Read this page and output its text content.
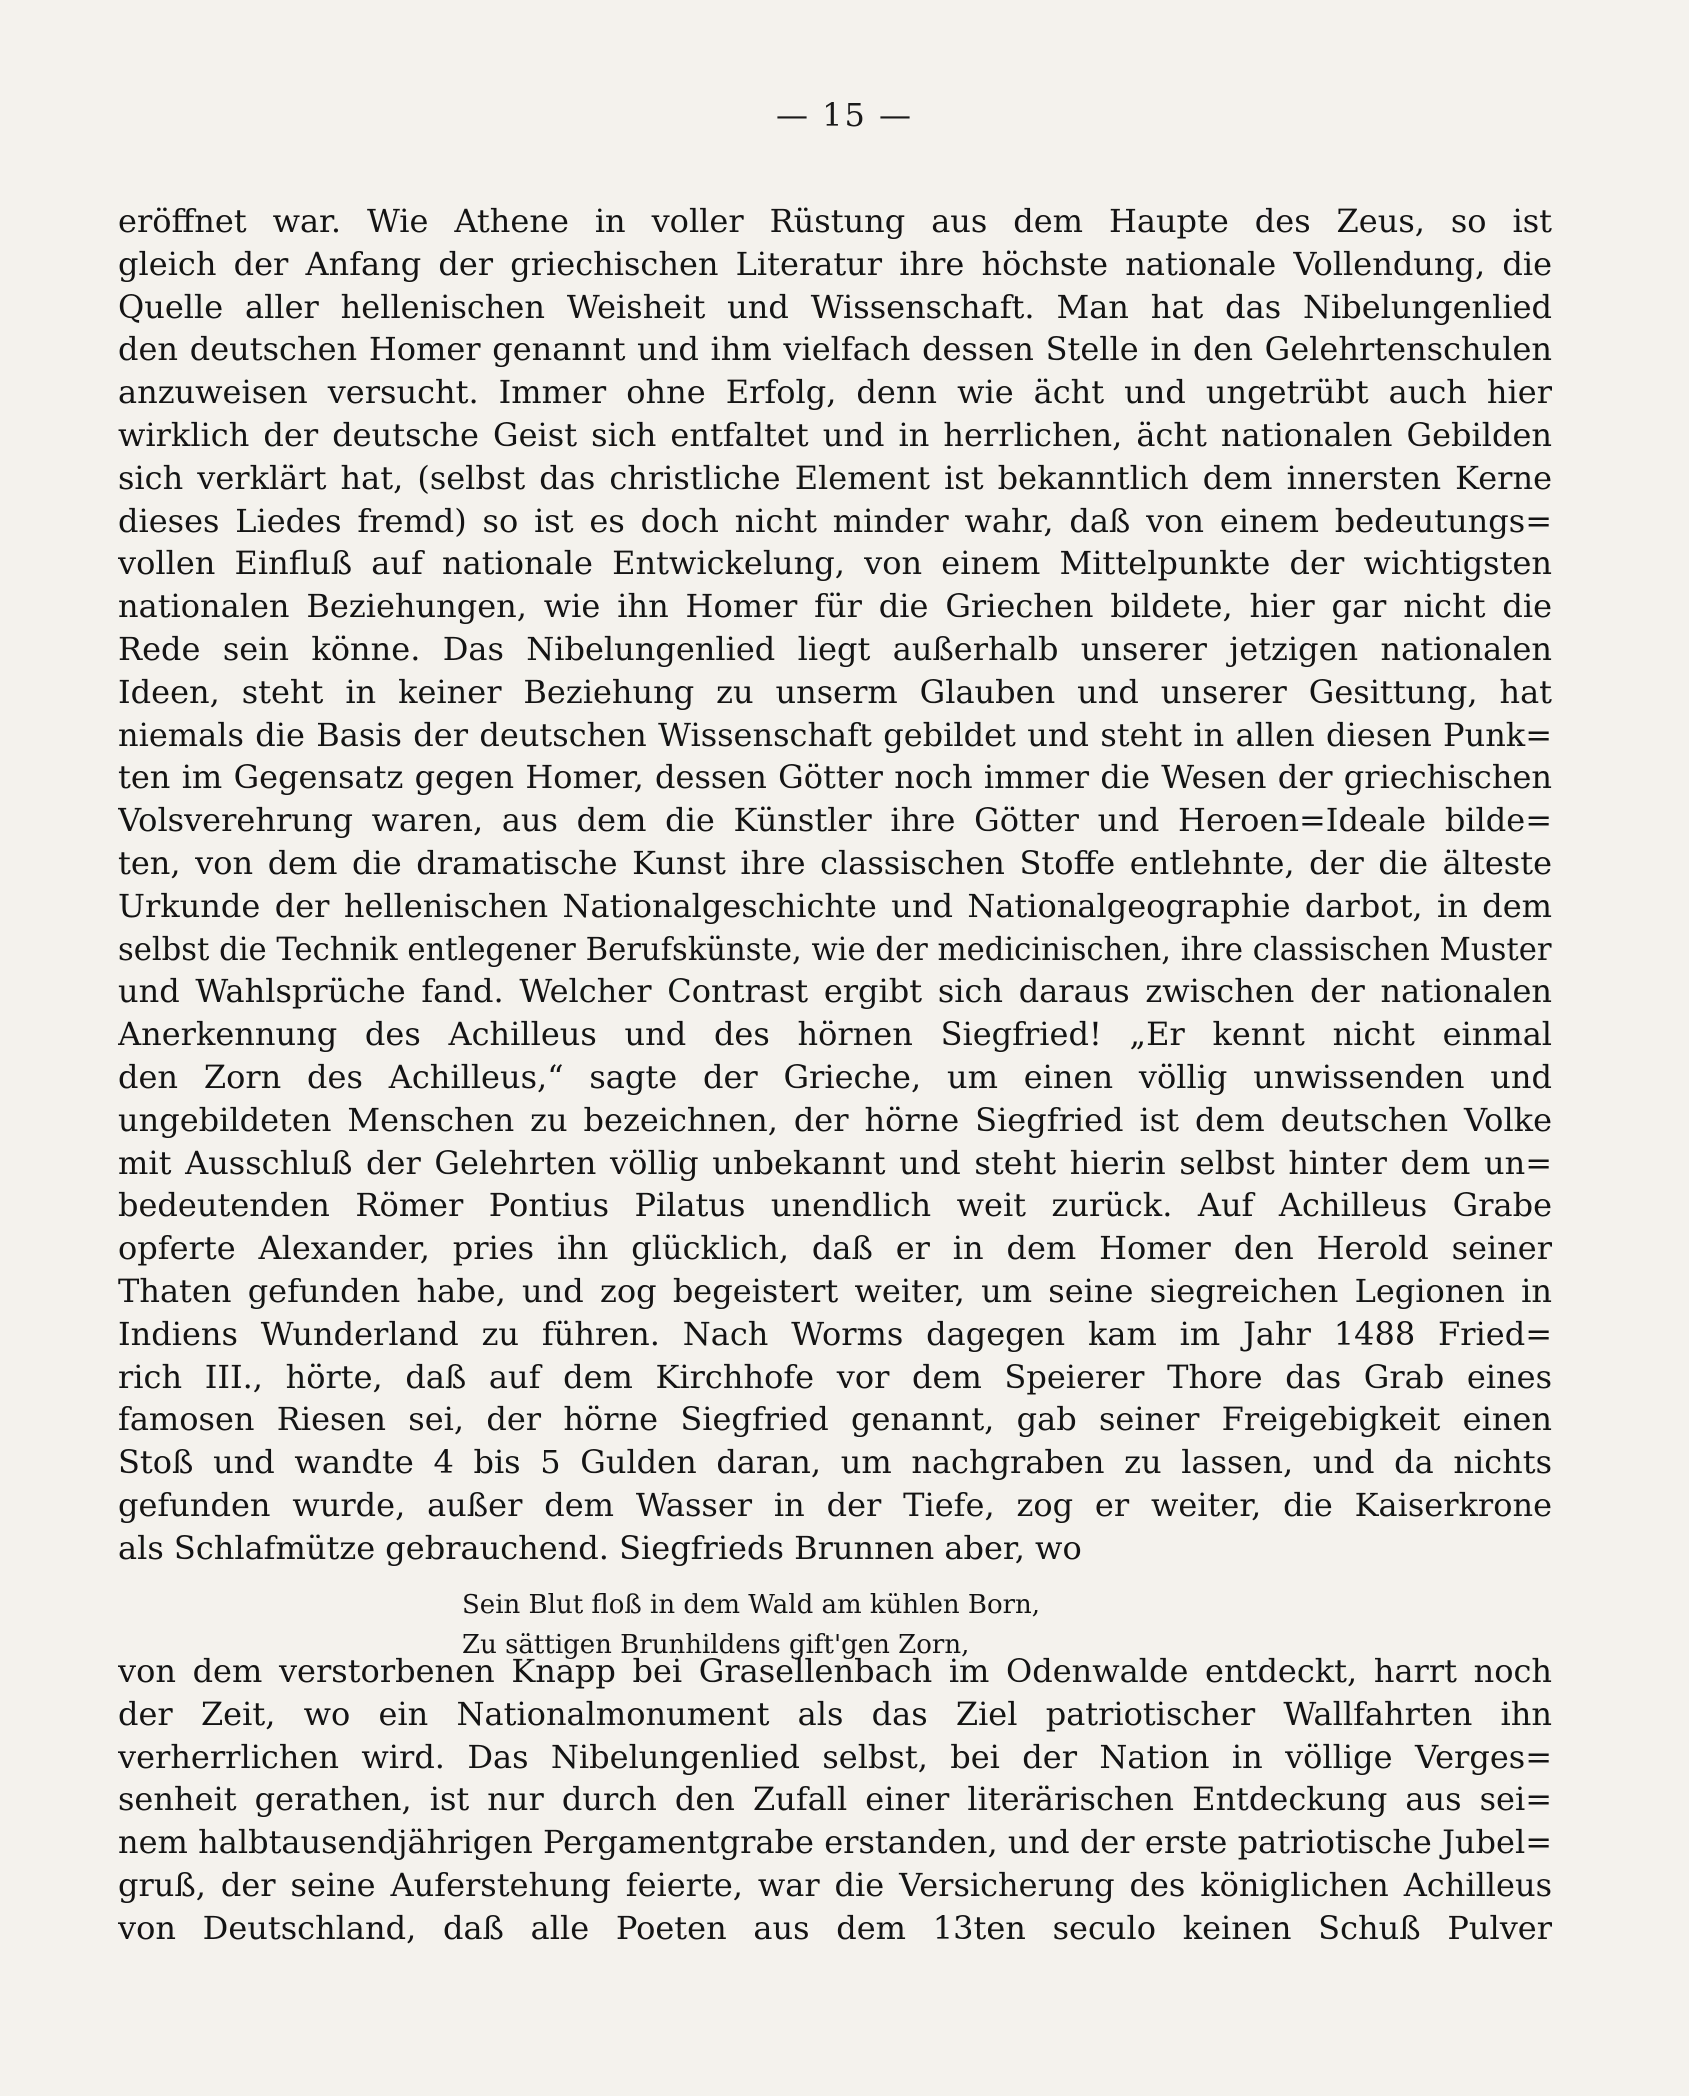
— 15 —
eröffnet war. Wie Athene in voller Rüstung aus dem Haupte des Zeus, so ist
gleich der Anfang der griechischen Literatur ihre höchste nationale Vollendung, die
Quelle aller hellenischen Weisheit und Wissenschaft. Man hat das Nibelungenlied
den deutschen Homer genannt und ihm vielfach dessen Stelle in den Gelehrtenschulen
anzuweisen versucht. Immer ohne Erfolg, denn wie ächt und ungetrübt auch hier
wirklich der deutsche Geist sich entfaltet und in herrlichen, ächt nationalen Gebilden
sich verklärt hat, (selbst das christliche Element ist bekanntlich dem innersten Kerne
dieses Liedes fremd) so ist es doch nicht minder wahr, daß von einem bedeutungs=
vollen Einfluß auf nationale Entwickelung, von einem Mittelpunkte der wichtigsten
nationalen Beziehungen, wie ihn Homer für die Griechen bildete, hier gar nicht die
Rede sein könne. Das Nibelungenlied liegt außerhalb unserer jetzigen nationalen
Ideen, steht in keiner Beziehung zu unserm Glauben und unserer Gesittung, hat
niemals die Basis der deutschen Wissenschaft gebildet und steht in allen diesen Punk=
ten im Gegensatz gegen Homer, dessen Götter noch immer die Wesen der griechischen
Volsverehrung waren, aus dem die Künstler ihre Götter und Heroen=Ideale bilde=
ten, von dem die dramatische Kunst ihre classischen Stoffe entlehnte, der die älteste
Urkunde der hellenischen Nationalgeschichte und Nationalgeographie darbot, in dem
selbst die Technik entlegener Berufskünste, wie der medicinischen, ihre classischen Muster
und Wahlsprüche fand. Welcher Contrast ergibt sich daraus zwischen der nationalen
Anerkennung des Achilleus und des hörnen Siegfried! „Er kennt nicht einmal
den Zorn des Achilleus,“ sagte der Grieche, um einen völlig unwissenden und
ungebildeten Menschen zu bezeichnen, der hörne Siegfried ist dem deutschen Volke
mit Ausschluß der Gelehrten völlig unbekannt und steht hierin selbst hinter dem un=
bedeutenden Römer Pontius Pilatus unendlich weit zurück. Auf Achilleus Grabe
opferte Alexander, pries ihn glücklich, daß er in dem Homer den Herold seiner
Thaten gefunden habe, und zog begeistert weiter, um seine siegreichen Legionen in
Indiens Wunderland zu führen. Nach Worms dagegen kam im Jahr 1488 Fried=
rich III., hörte, daß auf dem Kirchhofe vor dem Speierer Thore das Grab eines
famosen Riesen sei, der hörne Siegfried genannt, gab seiner Freigebigkeit einen
Stoß und wandte 4 bis 5 Gulden daran, um nachgraben zu lassen, und da nichts
gefunden wurde, außer dem Wasser in der Tiefe, zog er weiter, die Kaiserkrone
als Schlafmütze gebrauchend. Siegfrieds Brunnen aber, wo
Sein Blut floß in dem Wald am kühlen Born,
Zu sättigen Brunhildens gift'gen Zorn,
von dem verstorbenen Knapp bei Grasellenbach im Odenwalde entdeckt, harrt noch
der Zeit, wo ein Nationalmonument als das Ziel patriotischer Wallfahrten ihn
verherrlichen wird. Das Nibelungenlied selbst, bei der Nation in völlige Verges=
senheit gerathen, ist nur durch den Zufall einer literärischen Entdeckung aus sei=
nem halbtausendjährigen Pergamentgrabe erstanden, und der erste patriotische Jubel=
gruß, der seine Auferstehung feierte, war die Versicherung des königlichen Achilleus
von Deutschland, daß alle Poeten aus dem 13ten seculo keinen Schuß Pulver
